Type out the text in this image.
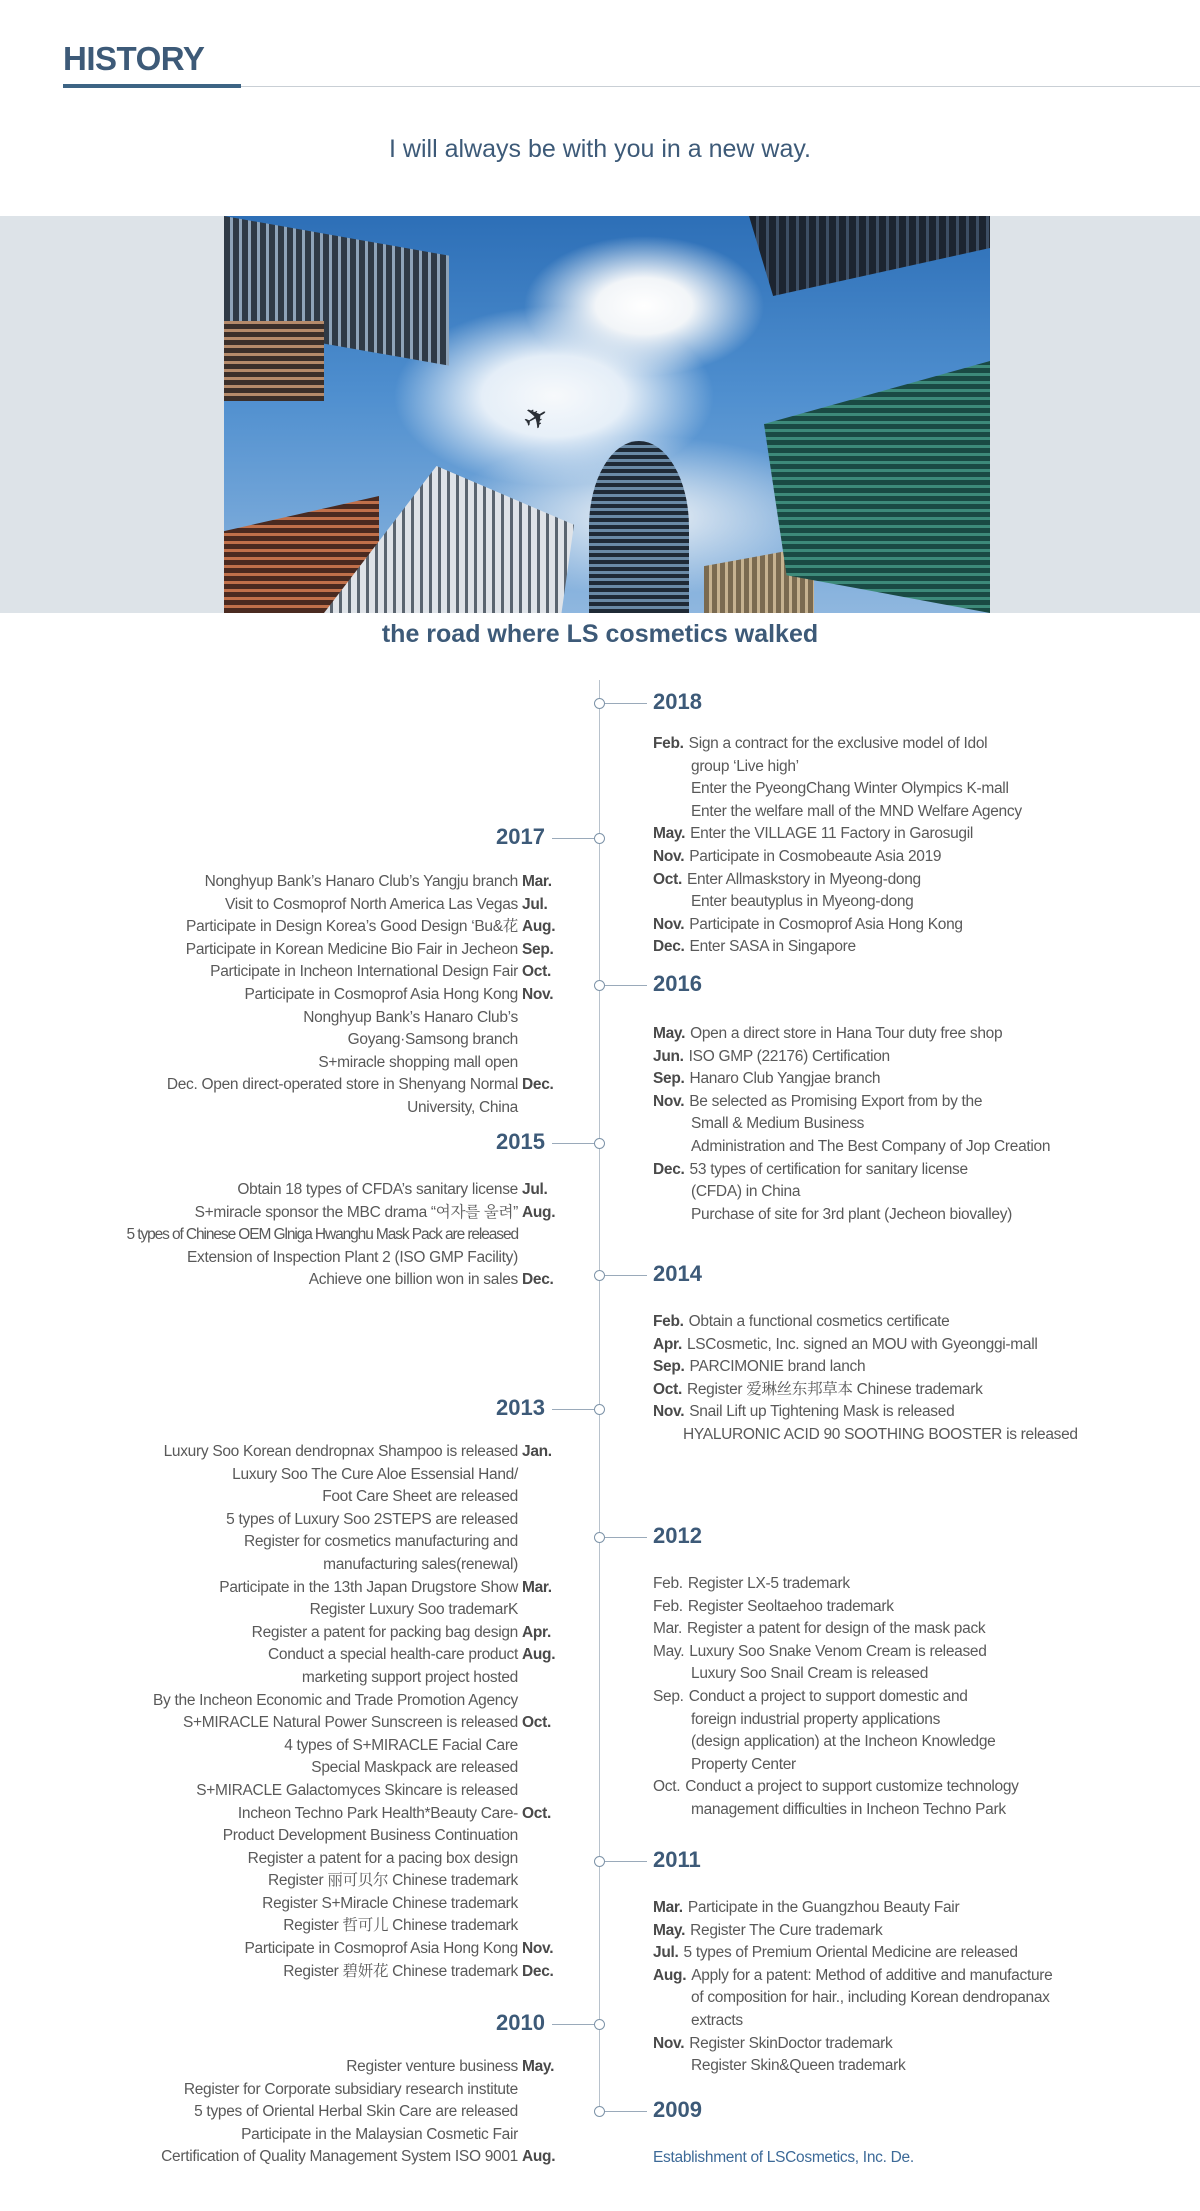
HISTORY
I will always be with you in a new way.
✈
the road where LS cosmetics walked
2018
Feb. Sign a contract for the exclusive model of Idol
group ‘Live high’
Enter the PyeongChang Winter Olympics K-mall
Enter the welfare mall of the MND Welfare Agency
May. Enter the VILLAGE 11 Factory in Garosugil
Nov. Participate in Cosmobeaute Asia 2019
Oct. Enter Allmaskstory in Myeong-dong
Enter beautyplus in Myeong-dong
Nov. Participate in Cosmoprof Asia Hong Kong
Dec. Enter SASA in Singapore
2016
May. Open a direct store in Hana Tour duty free shop
Jun. ISO GMP (22176) Certification
Sep. Hanaro Club Yangjae branch
Nov. Be selected as Promising Export from by the
Small & Medium Business
Administration and The Best Company of Jop Creation
Dec. 53 types of certification for sanitary license
(CFDA) in China
Purchase of site for 3rd plant (Jecheon biovalley)
2014
Feb. Obtain a functional cosmetics certificate
Apr. LSCosmetic, Inc. signed an MOU with Gyeonggi-mall
Sep. PARCIMONIE brand lanch
Oct. Register 爱琳丝东邦草本 Chinese trademark
Nov. Snail Lift up Tightening Mask is released
HYALURONIC ACID 90 SOOTHING BOOSTER is released
2012
Feb. Register LX-5 trademark
Feb. Register Seoltaehoo trademark
Mar. Register a patent for design of the mask pack
May. Luxury Soo Snake Venom Cream is released
Luxury Soo Snail Cream is released
Sep. Conduct a project to support domestic and
foreign industrial property applications
(design application) at the Incheon Knowledge
Property Center
Oct. Conduct a project to support customize technology
management difficulties in Incheon Techno Park
2011
Mar. Participate in the Guangzhou Beauty Fair
May. Register The Cure trademark
Jul. 5 types of Premium Oriental Medicine are released
Aug. Apply for a patent: Method of additive and manufacture
of composition for hair., including Korean dendropanax
extracts
Nov. Register SkinDoctor trademark
Register Skin&Queen trademark
2009
Establishment of LSCosmetics, Inc. De.
2017
Nonghyup Bank’s Hanaro Club’s Yangju branch Mar.
Visit to Cosmoprof North America Las Vegas Jul.
Participate in Design Korea’s Good Design ‘Bu&花 Aug.
Participate in Korean Medicine Bio Fair in Jecheon Sep.
Participate in Incheon International Design Fair Oct.
Participate in Cosmoprof Asia Hong Kong Nov.
Nonghyup Bank’s Hanaro Club’s
Goyang·Samsong branch
S+miracle shopping mall open
Dec. Open direct-operated store in Shenyang Normal Dec.
University, China
2015
Obtain 18 types of CFDA’s sanitary license Jul.
S+miracle sponsor the MBC drama “여자를 울려” Aug.
5 types of Chinese OEM Glniga Hwanghu Mask Pack are released
Extension of Inspection Plant 2 (ISO GMP Facility)
Achieve one billion won in sales Dec.
2013
Luxury Soo Korean dendropnax Shampoo is released Jan.
Luxury Soo The Cure Aloe Essensial Hand/
Foot Care Sheet are released
5 types of Luxury Soo 2STEPS are released
Register for cosmetics manufacturing and
manufacturing sales(renewal)
Participate in the 13th Japan Drugstore Show Mar.
Register Luxury Soo trademarK
Register a patent for packing bag design Apr.
Conduct a special health-care product Aug.
marketing support project hosted
By the Incheon Economic and Trade Promotion Agency
S+MIRACLE Natural Power Sunscreen is released Oct.
4 types of S+MIRACLE Facial Care
Special Maskpack are released
S+MIRACLE Galactomyces Skincare is released
Incheon Techno Park Health*Beauty Care- Oct.
Product Development Business Continuation
Register a patent for a pacing box design
Register 丽可贝尔 Chinese trademark
Register S+Miracle Chinese trademark
Register 哲可儿 Chinese trademark
Participate in Cosmoprof Asia Hong Kong Nov.
Register 碧妍花 Chinese trademark Dec.
2010
Register venture business May.
Register for Corporate subsidiary research institute
5 types of Oriental Herbal Skin Care are released
Participate in the Malaysian Cosmetic Fair
Certification of Quality Management System ISO 9001 Aug.
